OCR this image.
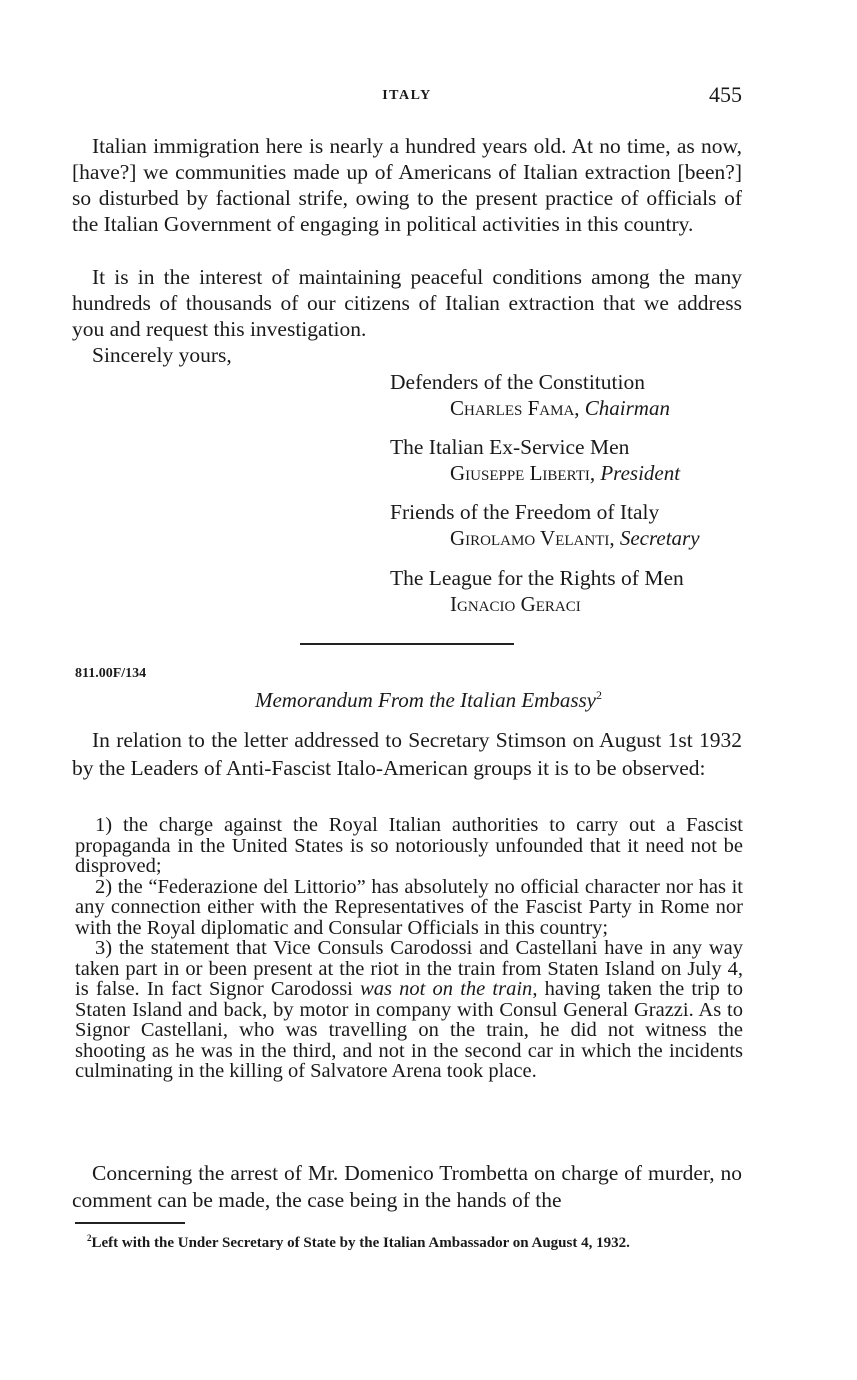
ITALY	455

Italian immigration here is nearly a hundred years old. At no time, as now, [have?] we communities made up of Americans of Italian extraction [been?] so disturbed by factional strife, owing to the present practice of officials of the Italian Government of engaging in political activities in this country.

It is in the interest of maintaining peaceful conditions among the many hundreds of thousands of our citizens of Italian extraction that we address you and request this investigation.

Sincerely yours,
Defenders of the Constitution
Charles Fama, Chairman
The Italian Ex-Service Men
Giuseppe Liberti, President
Friends of the Freedom of Italy
Girolamo Velanti, Secretary
The League for the Rights of Men
Ignacio Geraci
811.00F/134
Memorandum From the Italian Embassy$^2$

In relation to the letter addressed to Secretary Stimson on August 1st 1932 by the Leaders of Anti-Fascist Italo-American groups it is to be observed:

1) the charge against the Royal Italian authorities to carry out a Fascist propaganda in the United States is so notoriously unfounded that it need not be disproved;

2) the “Federazione del Littorio” has absolutely no official character nor has it any connection either with the Representatives of the Fascist Party in Rome nor with the Royal diplomatic and Consular Officials in this country;

3) the statement that Vice Consuls Carodossi and Castellani have in any way taken part in or been present at the riot in the train from Staten Island on July 4, is false. In fact Signor Carodossi was not on the train, having taken the trip to Staten Island and back, by motor in company with Consul General Grazzi. As to Signor Castellani, who was travelling on the train, he did not witness the shooting as he was in the third, and not in the second car in which the incidents culminating in the killing of Salvatore Arena took place.

Concerning the arrest of Mr. Domenico Trombetta on charge of murder, no comment can be made, the case being in the hands of the

$^2$Left with the Under Secretary of State by the Italian Ambassador on August 4, 1932.
